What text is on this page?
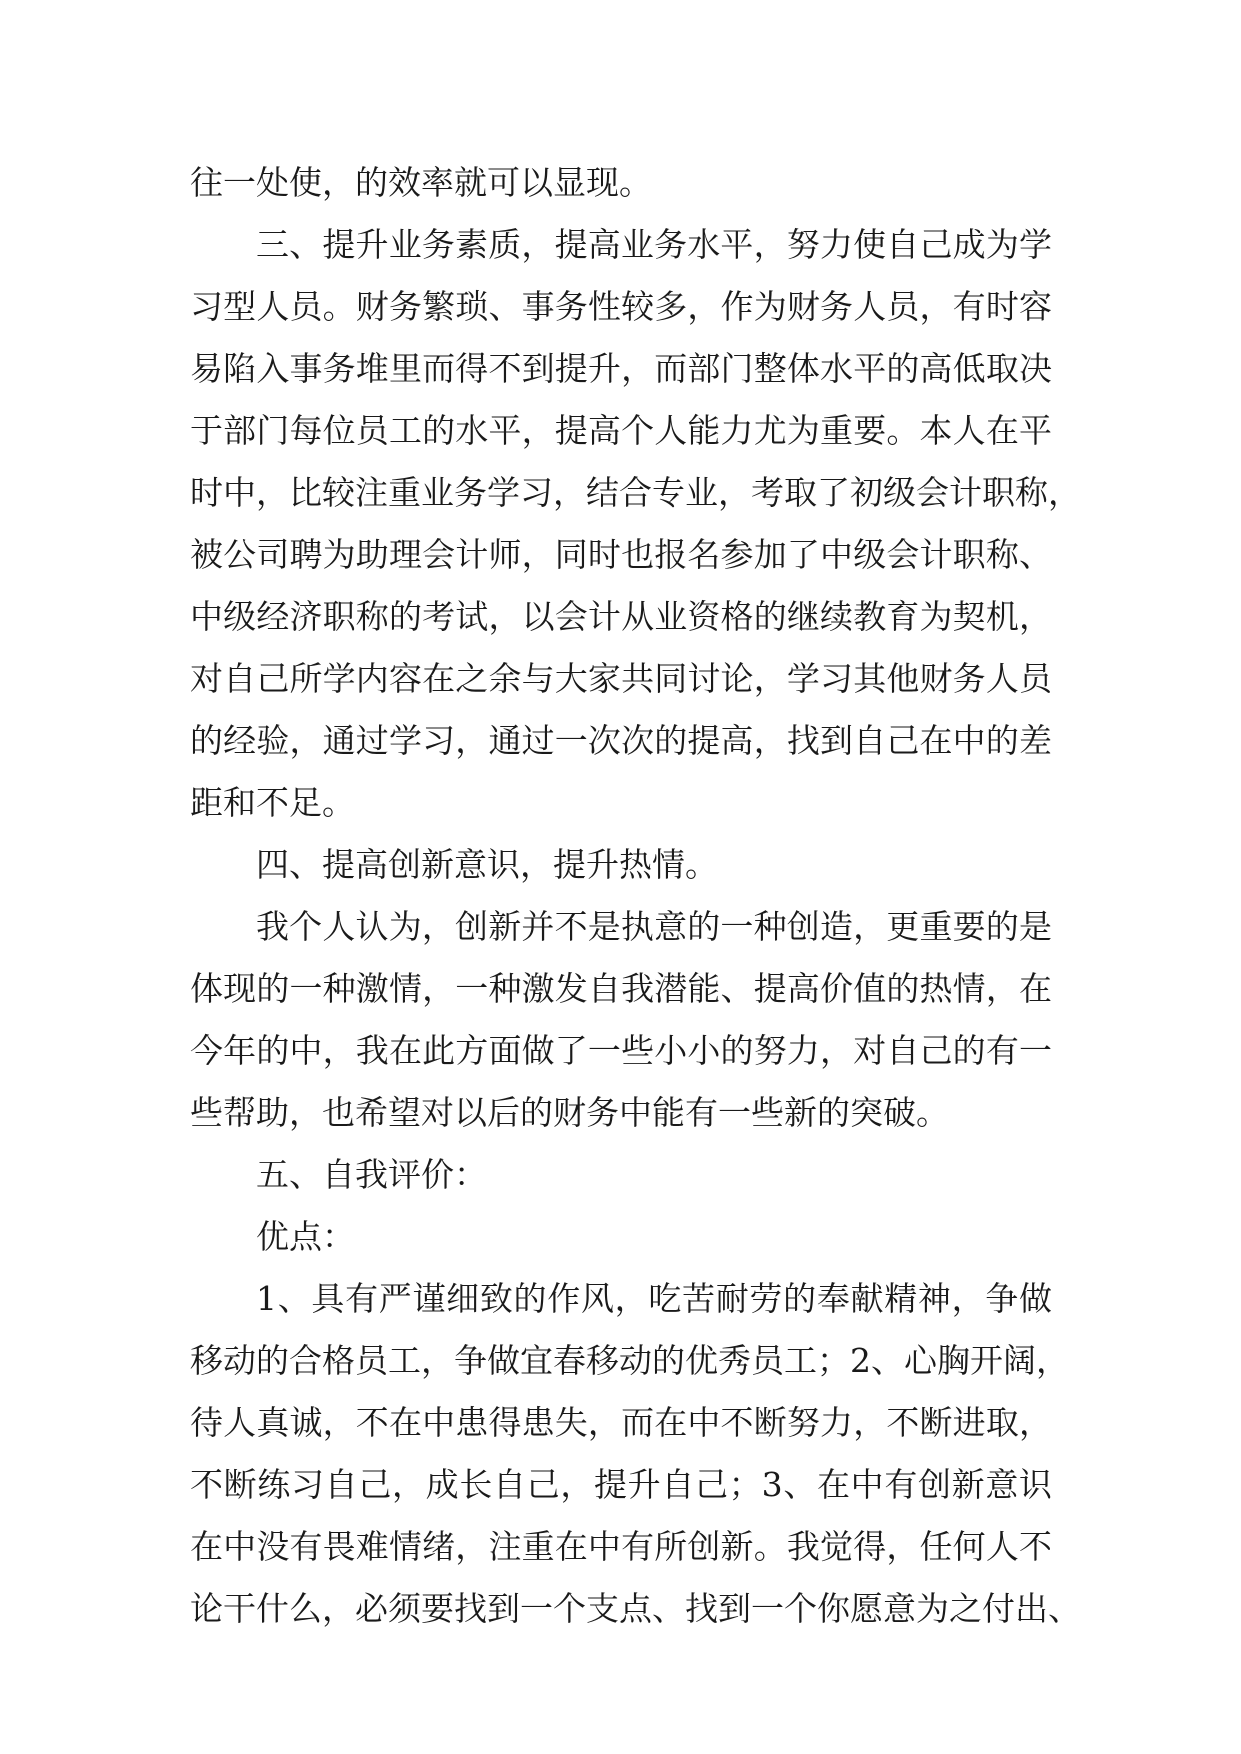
往一处使，的效率就可以显现。
三、提升业务素质，提高业务水平，努力使自己成为学
习型人员。财务繁琐、事务性较多，作为财务人员，有时容
易陷入事务堆里而得不到提升，而部门整体水平的高低取决
于部门每位员工的水平，提高个人能力尤为重要。本人在平
时中，比较注重业务学习，结合专业，考取了初级会计职称，
被公司聘为助理会计师，同时也报名参加了中级会计职称、
中级经济职称的考试，以会计从业资格的继续教育为契机，
对自己所学内容在之余与大家共同讨论，学习其他财务人员
的经验，通过学习，通过一次次的提高，找到自己在中的差
距和不足。
四、提高创新意识，提升热情。
我个人认为，创新并不是执意的一种创造，更重要的是
体现的一种激情，一种激发自我潜能、提高价值的热情，在
今年的中，我在此方面做了一些小小的努力，对自己的有一
些帮助，也希望对以后的财务中能有一些新的突破。
五、自我评价：
优点：
1、具有严谨细致的作风，吃苦耐劳的奉献精神，争做
移动的合格员工，争做宜春移动的优秀员工；2、心胸开阔，
待人真诚，不在中患得患失，而在中不断努力，不断进取，
不断练习自己，成长自己，提升自己；3、在中有创新意识
在中没有畏难情绪，注重在中有所创新。我觉得，任何人不
论干什么，必须要找到一个支点、找到一个你愿意为之付出、
